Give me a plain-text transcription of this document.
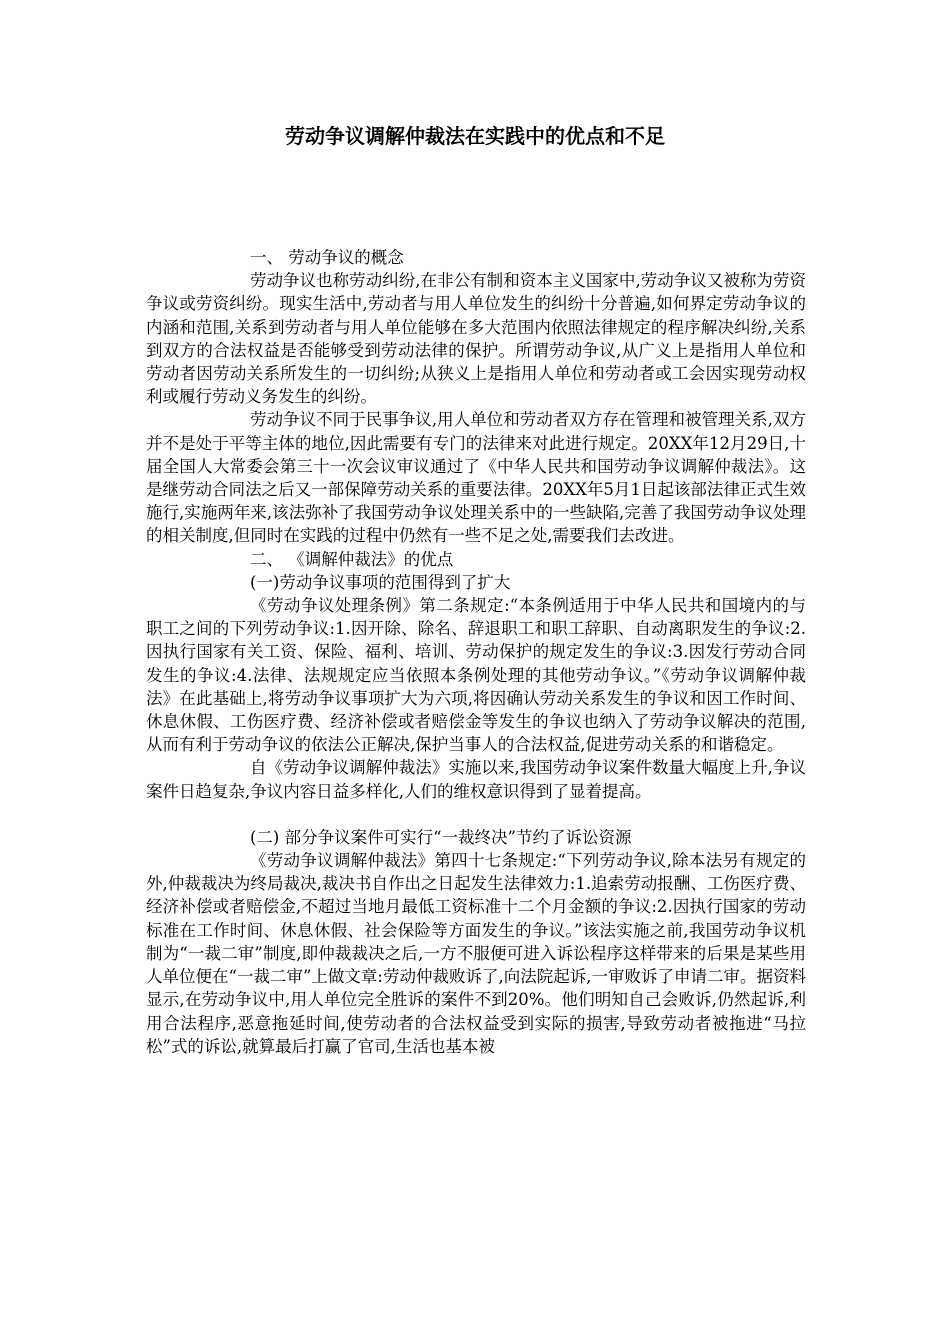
劳动争议调解仲裁法在实践中的优点和不足

一、 劳动争议的概念

劳动争议也称劳动纠纷,在非公有制和资本主义国家中,劳动争议又被称为劳资争议或劳资纠纷。现实生活中,劳动者与用人单位发生的纠纷十分普遍,如何界定劳动争议的内涵和范围,关系到劳动者与用人单位能够在多大范围内依照法律规定的程序解决纠纷,关系到双方的合法权益是否能够受到劳动法律的保护。所谓劳动争议,从广义上是指用人单位和劳动者因劳动关系所发生的一切纠纷;从狭义上是指用人单位和劳动者或工会因实现劳动权利或履行劳动义务发生的纠纷。

劳动争议不同于民事争议,用人单位和劳动者双方存在管理和被管理关系,双方并不是处于平等主体的地位,因此需要有专门的法律来对此进行规定。20XX年12月29日,十届全国人大常委会第三十一次会议审议通过了《中华人民共和国劳动争议调解仲裁法》。这是继劳动合同法之后又一部保障劳动关系的重要法律。20XX年5月1日起该部法律正式生效施行,实施两年来,该法弥补了我国劳动争议处理关系中的一些缺陷,完善了我国劳动争议处理的相关制度,但同时在实践的过程中仍然有一些不足之处,需要我们去改进。

二、 《调解仲裁法》的优点

(一)劳动争议事项的范围得到了扩大

《劳动争议处理条例》第二条规定:“本条例适用于中华人民共和国境内的与职工之间的下列劳动争议:1.因开除、除名、辞退职工和职工辞职、自动离职发生的争议:2.因执行国家有关工资、保险、福利、培训、劳动保护的规定发生的争议:3.因发行劳动合同发生的争议:4.法律、法规规定应当依照本条例处理的其他劳动争议。”《劳动争议调解仲裁法》在此基础上,将劳动争议事项扩大为六项,将因确认劳动关系发生的争议和因工作时间、休息休假、工伤医疗费、经济补偿或者赔偿金等发生的争议也纳入了劳动争议解决的范围,从而有利于劳动争议的依法公正解决,保护当事人的合法权益,促进劳动关系的和谐稳定。

自《劳动争议调解仲裁法》实施以来,我国劳动争议案件数量大幅度上升,争议案件日趋复杂,争议内容日益多样化,人们的维权意识得到了显着提高。

(二) 部分争议案件可实行“一裁终决”节约了诉讼资源

《劳动争议调解仲裁法》第四十七条规定:“下列劳动争议,除本法另有规定的外,仲裁裁决为终局裁决,裁决书自作出之日起发生法律效力:1.追索劳动报酬、工伤医疗费、经济补偿或者赔偿金,不超过当地月最低工资标准十二个月金额的争议:2.因执行国家的劳动标准在工作时间、休息休假、社会保险等方面发生的争议。”该法实施之前,我国劳动争议机制为“一裁二审”制度,即仲裁裁决之后,一方不服便可进入诉讼程序这样带来的后果是某些用人单位便在“一裁二审”上做文章:劳动仲裁败诉了,向法院起诉,一审败诉了申请二审。据资料显示,在劳动争议中,用人单位完全胜诉的案件不到20%。他们明知自己会败诉,仍然起诉,利用合法程序,恶意拖延时间,使劳动者的合法权益受到实际的损害,导致劳动者被拖进“马拉松”式的诉讼,就算最后打赢了官司,生活也基本被
